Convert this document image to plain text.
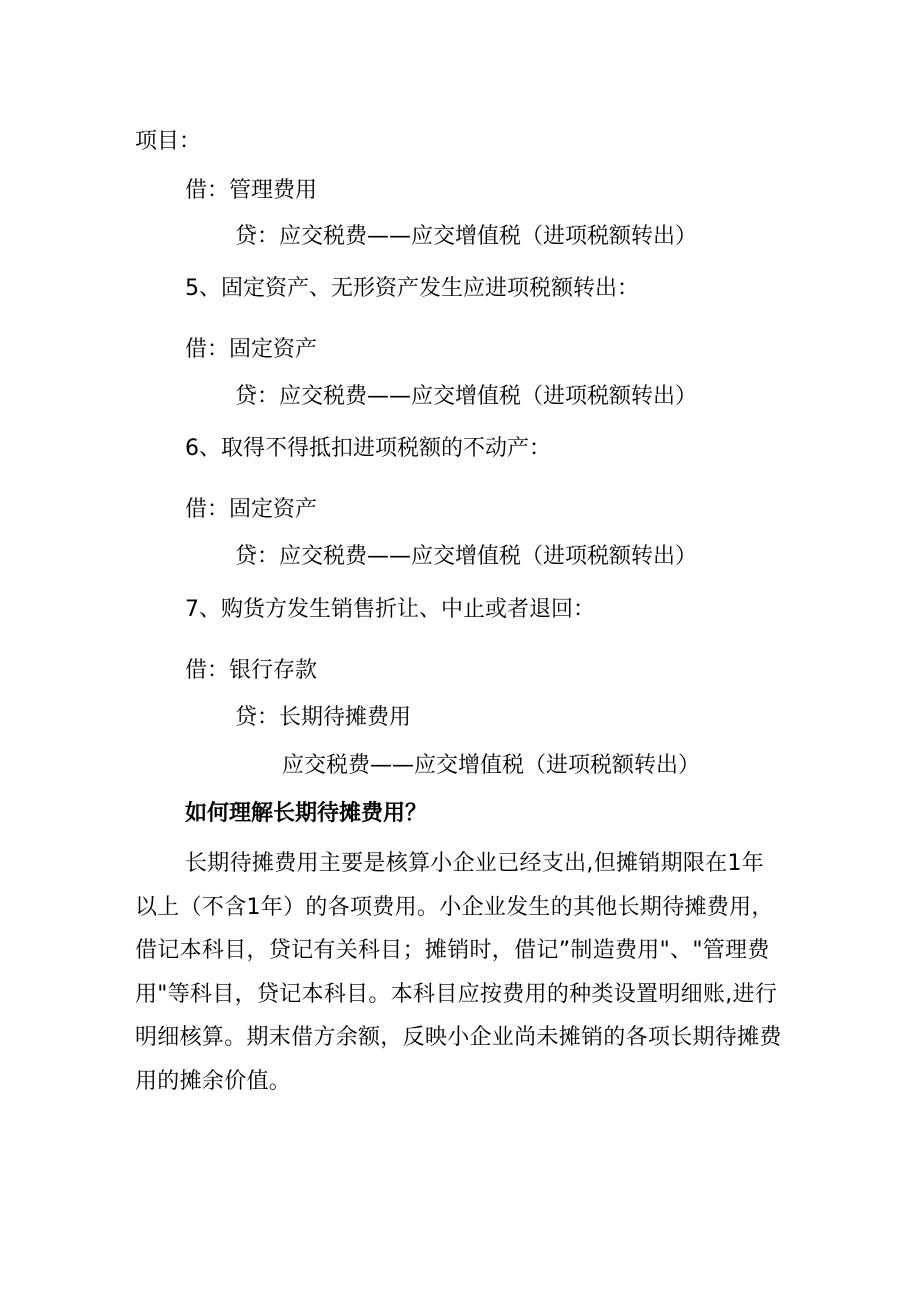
项目：
借：管理费用
贷：应交税费——应交增值税（进项税额转出）
5、固定资产、无形资产发生应进项税额转出：
借：固定资产
贷：应交税费——应交增值税（进项税额转出）
6、取得不得抵扣进项税额的不动产：
借：固定资产
贷：应交税费——应交增值税（进项税额转出）
7、购货方发生销售折让、中止或者退回：
借：银行存款
贷：长期待摊费用
应交税费——应交增值税（进项税额转出）
如何理解长期待摊费用？
长期待摊费用主要是核算小企业已经支出,但摊销期限在1年以上（不含1年）的各项费用。小企业发生的其他长期待摊费用，借记本科目，贷记有关科目；摊销时，借记”制造费用"、"管理费用"等科目，贷记本科目。本科目应按费用的种类设置明细账,进行明细核算。期末借方余额，反映小企业尚未摊销的各项长期待摊费用的摊余价值。
